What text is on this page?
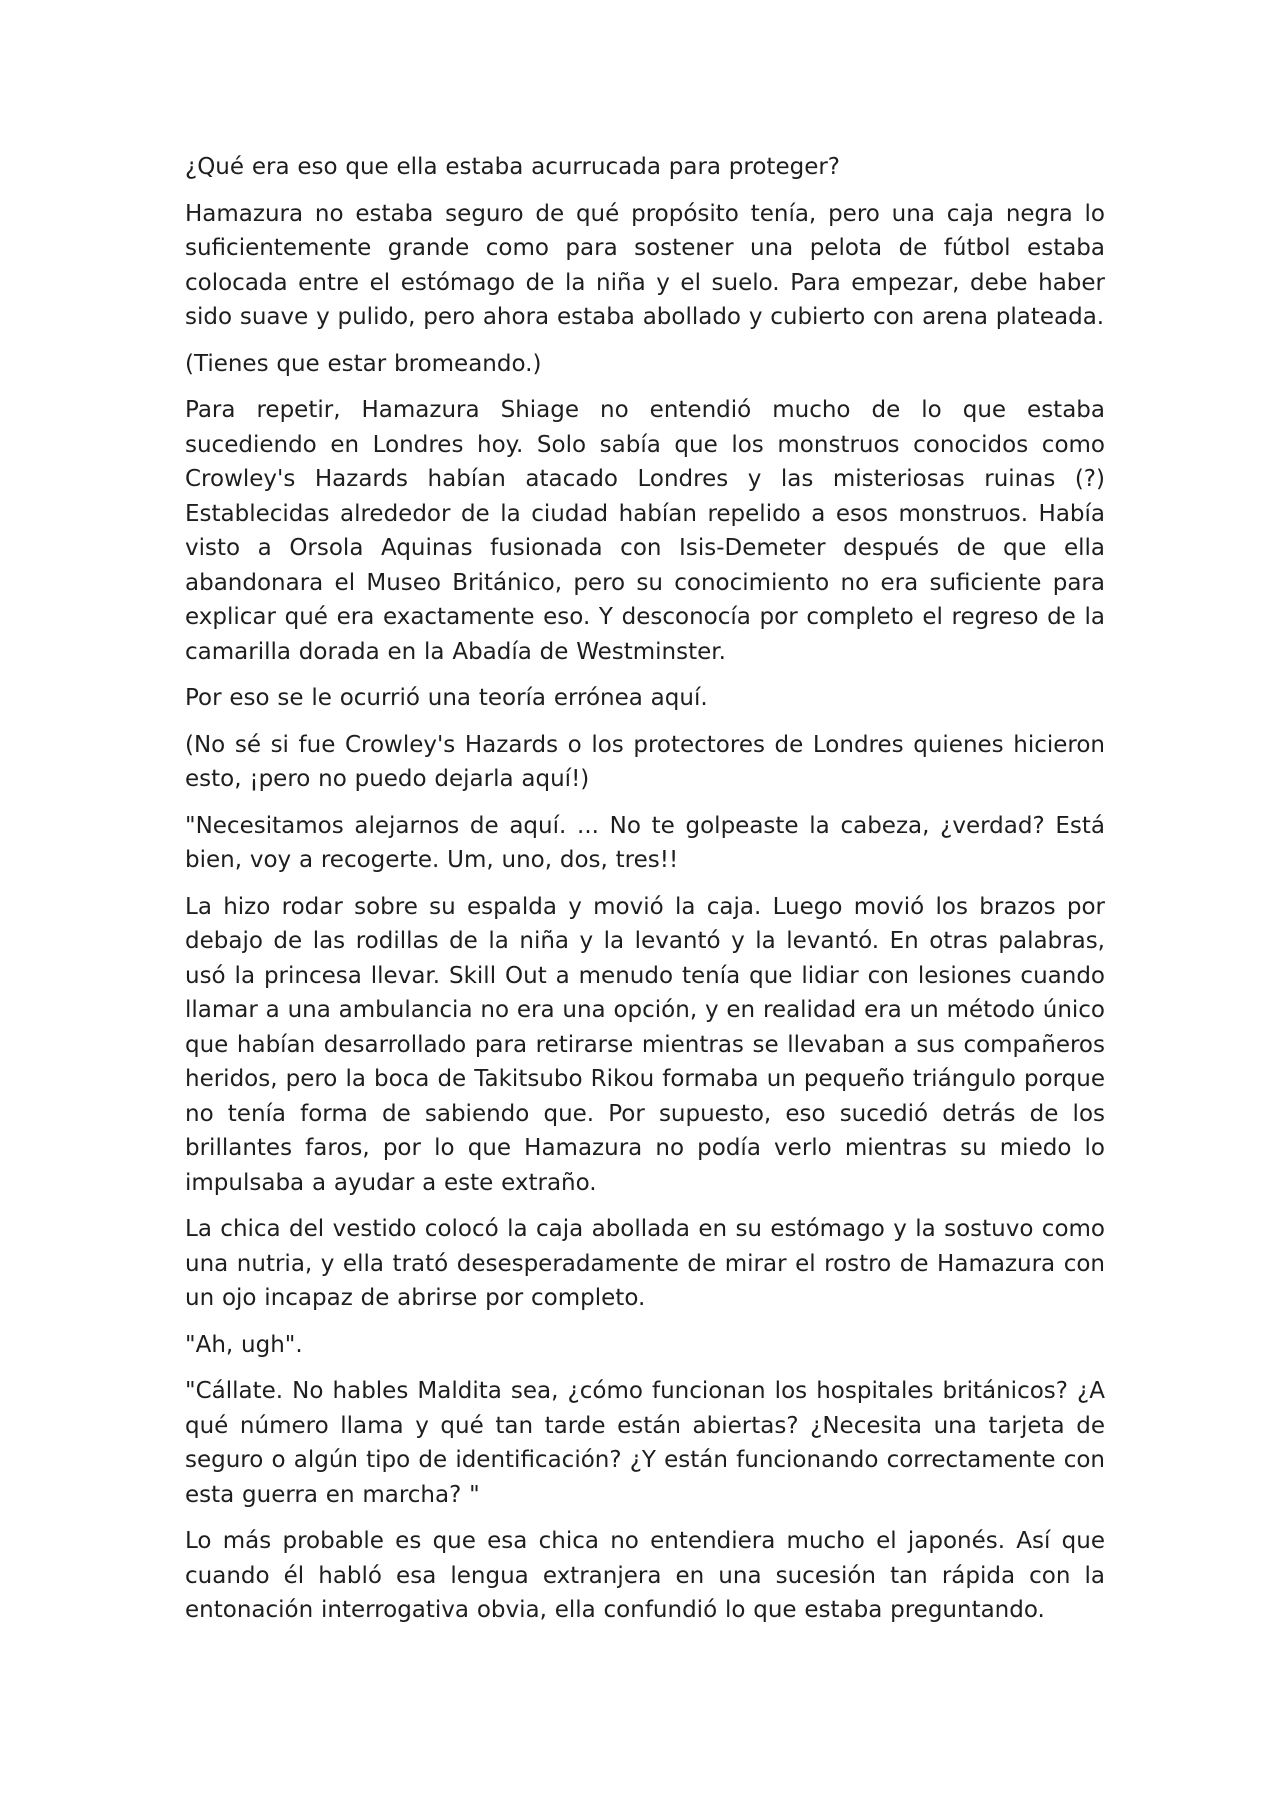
¿Qué era eso que ella estaba acurrucada para proteger?

Hamazura no estaba seguro de qué propósito tenía, pero una caja negra lo suficientemente grande como para sostener una pelota de fútbol estaba colocada entre el estómago de la niña y el suelo. Para empezar, debe haber sido suave y pulido, pero ahora estaba abollado y cubierto con arena plateada.

(Tienes que estar bromeando.)

Para repetir, Hamazura Shiage no entendió mucho de lo que estaba sucediendo en Londres hoy. Solo sabía que los monstruos conocidos como Crowley's Hazards habían atacado Londres y las misteriosas ruinas (?) Establecidas alrededor de la ciudad habían repelido a esos monstruos. Había visto a Orsola Aquinas fusionada con Isis-Demeter después de que ella abandonara el Museo Británico, pero su conocimiento no era suficiente para explicar qué era exactamente eso. Y desconocía por completo el regreso de la camarilla dorada en la Abadía de Westminster.

Por eso se le ocurrió una teoría errónea aquí.

(No sé si fue Crowley's Hazards o los protectores de Londres quienes hicieron esto, ¡pero no puedo dejarla aquí!)

"Necesitamos alejarnos de aquí. ... No te golpeaste la cabeza, ¿verdad? Está bien, voy a recogerte. Um, uno, dos, tres!!

La hizo rodar sobre su espalda y movió la caja. Luego movió los brazos por debajo de las rodillas de la niña y la levantó y la levantó. En otras palabras, usó la princesa llevar. Skill Out a menudo tenía que lidiar con lesiones cuando llamar a una ambulancia no era una opción, y en realidad era un método único que habían desarrollado para retirarse mientras se llevaban a sus compañeros heridos, pero la boca de Takitsubo Rikou formaba un pequeño triángulo porque no tenía forma de sabiendo que. Por supuesto, eso sucedió detrás de los brillantes faros, por lo que Hamazura no podía verlo mientras su miedo lo impulsaba a ayudar a este extraño.

La chica del vestido colocó la caja abollada en su estómago y la sostuvo como una nutria, y ella trató desesperadamente de mirar el rostro de Hamazura con un ojo incapaz de abrirse por completo.

"Ah, ugh".

"Cállate. No hables Maldita sea, ¿cómo funcionan los hospitales británicos? ¿A qué número llama y qué tan tarde están abiertas? ¿Necesita una tarjeta de seguro o algún tipo de identificación? ¿Y están funcionando correctamente con esta guerra en marcha? "

Lo más probable es que esa chica no entendiera mucho el japonés. Así que cuando él habló esa lengua extranjera en una sucesión tan rápida con la entonación interrogativa obvia, ella confundió lo que estaba preguntando.
